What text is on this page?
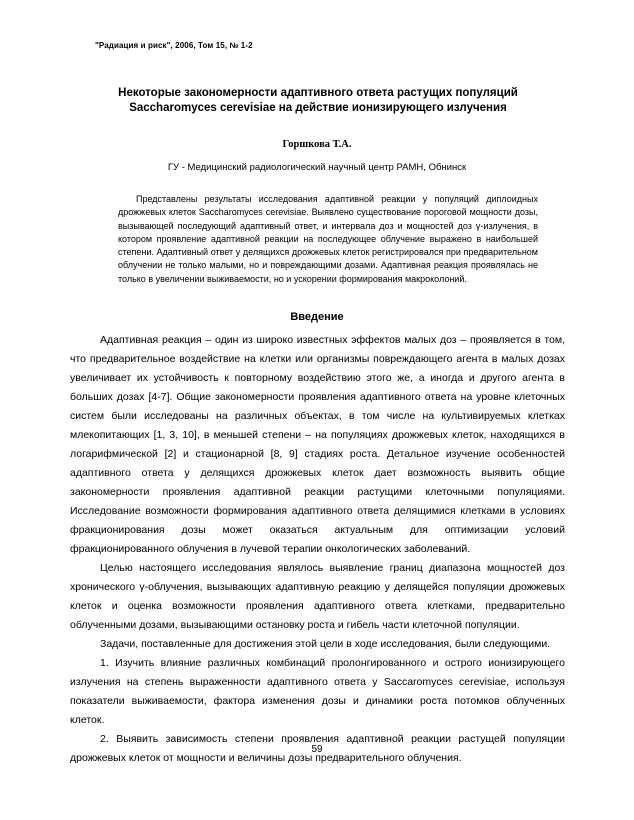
"Радиация и риск", 2006, Том 15, № 1-2
Некоторые закономерности адаптивного ответа растущих популяций Saccharomyces cerevisiae на действие ионизирующего излучения
Горшкова Т.А.
ГУ - Медицинский радиологический научный центр РАМН, Обнинск
Представлены результаты исследования адаптивной реакции у популяций диплоидных дрожжевых клеток Saccharomyces cerevisiae. Выявлено существование пороговой мощности дозы, вызывающей последующий адаптивный ответ, и интервала доз и мощностей доз γ-излучения, в котором проявление адаптивной реакции на последующее облучение выражено в наибольшей степени. Адаптивный ответ у делящихся дрожжевых клеток регистрировался при предварительном облучении не только малыми, но и повреждающими дозами. Адаптивная реакция проявлялась не только в увеличении выживаемости, но и ускорении формирования макроколоний.
Введение

Адаптивная реакция – один из широко известных эффектов малых доз – проявляется в том, что предварительное воздействие на клетки или организмы повреждающего агента в малых дозах увеличивает их устойчивость к повторному воздействию этого же, а иногда и другого агента в больших дозах [4-7]. Общие закономерности проявления адаптивного ответа на уровне клеточных систем были исследованы на различных объектах, в том числе на культивируемых клетках млекопитающих [1, 3, 10], в меньшей степени – на популяциях дрожжевых клеток, находящихся в логарифмической [2] и стационарной [8, 9] стадиях роста. Детальное изучение особенностей адаптивного ответа у делящихся дрожжевых клеток дает возможность выявить общие закономерности проявления адаптивной реакции растущими клеточными популяциями. Исследование возможности формирования адаптивного ответа делящимися клетками в условиях фракционирования дозы может оказаться актуальным для оптимизации условий фракционированного облучения в лучевой терапии онкологических заболеваний.

Целью настоящего исследования являлось выявление границ диапазона мощностей доз хронического γ-облучения, вызывающих адаптивную реакцию у делящейся популяции дрожжевых клеток и оценка возможности проявления адаптивного ответа клетками, предварительно облученными дозами, вызывающими остановку роста и гибель части клеточной популяции.

Задачи, поставленные для достижения этой цели в ходе исследования, были следующими.

1. Изучить влияние различных комбинаций пролонгированного и острого ионизирующего излучения на степень выраженности адаптивного ответа у Saccaromyces cerevisiae, используя показатели выживаемости, фактора изменения дозы и динамики роста потомков облученных клеток.

2. Выявить зависимость степени проявления адаптивной реакции растущей популяции дрожжевых клеток от мощности и величины дозы предварительного облучения.

59
